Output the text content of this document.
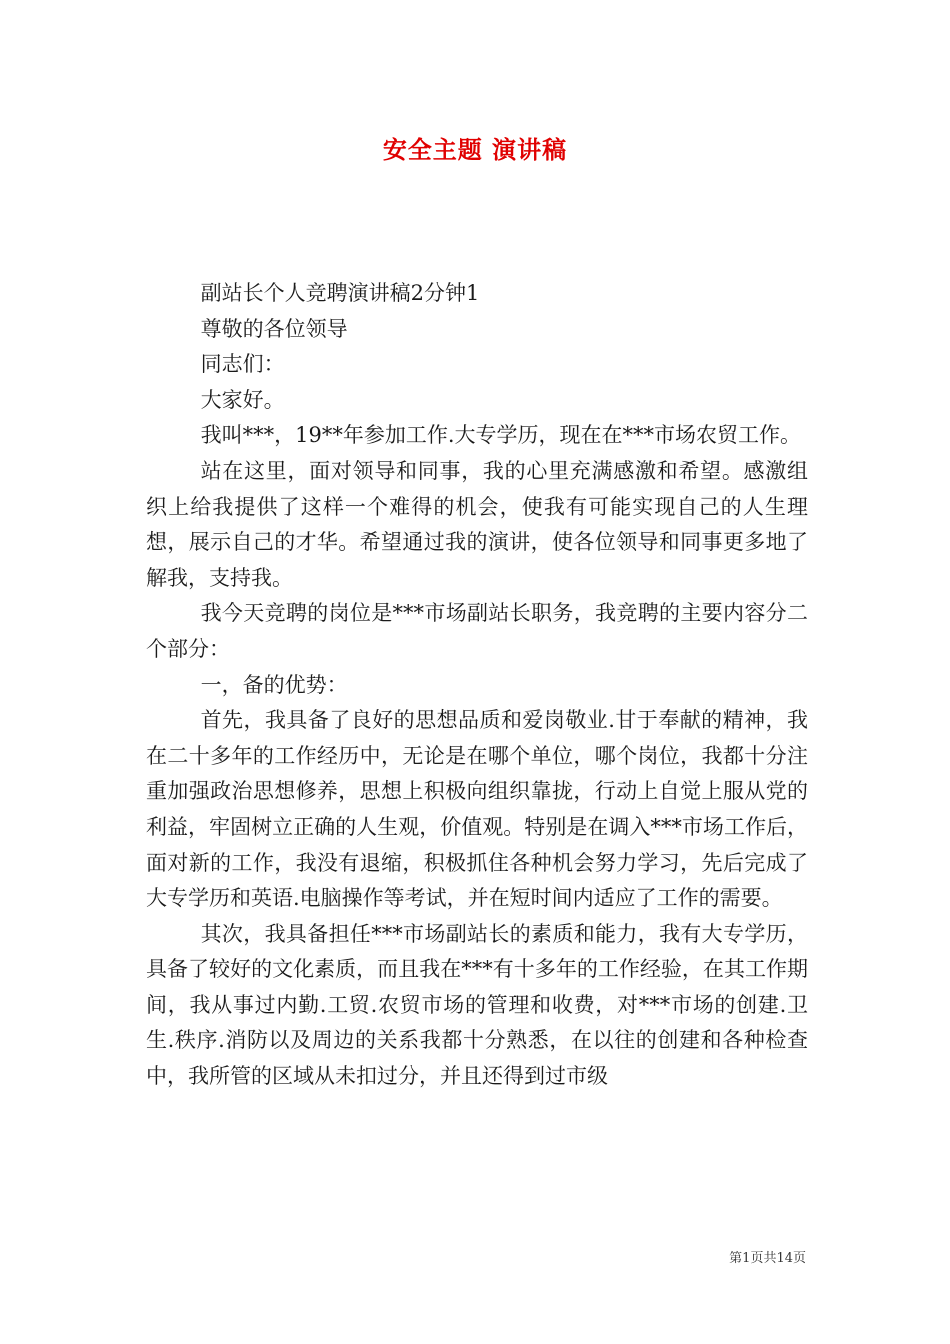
安全主题 演讲稿

副站长个人竞聘演讲稿2分钟1

尊敬的各位领导

同志们：

大家好。

我叫***，19**年参加工作.大专学历，现在在***市场农贸工作。

站在这里，面对领导和同事，我的心里充满感激和希望。感激组织上给我提供了这样一个难得的机会，使我有可能实现自己的人生理想，展示自己的才华。希望通过我的演讲，使各位领导和同事更多地了解我，支持我。

我今天竞聘的岗位是***市场副站长职务，我竞聘的主要内容分二个部分：

一，备的优势：

首先，我具备了良好的思想品质和爱岗敬业.甘于奉献的精神，我在二十多年的工作经历中，无论是在哪个单位，哪个岗位，我都十分注重加强政治思想修养，思想上积极向组织靠拢，行动上自觉上服从党的利益，牢固树立正确的人生观，价值观。特别是在调入***市场工作后，面对新的工作，我没有退缩，积极抓住各种机会努力学习，先后完成了大专学历和英语.电脑操作等考试，并在短时间内适应了工作的需要。

其次，我具备担任***市场副站长的素质和能力，我有大专学历，具备了较好的文化素质，而且我在***有十多年的工作经验，在其工作期间，我从事过内勤.工贸.农贸市场的管理和收费，对***市场的创建.卫生.秩序.消防以及周边的关系我都十分熟悉，在以往的创建和各种检查中，我所管的区域从未扣过分，并且还得到过市级

第1页共14页
